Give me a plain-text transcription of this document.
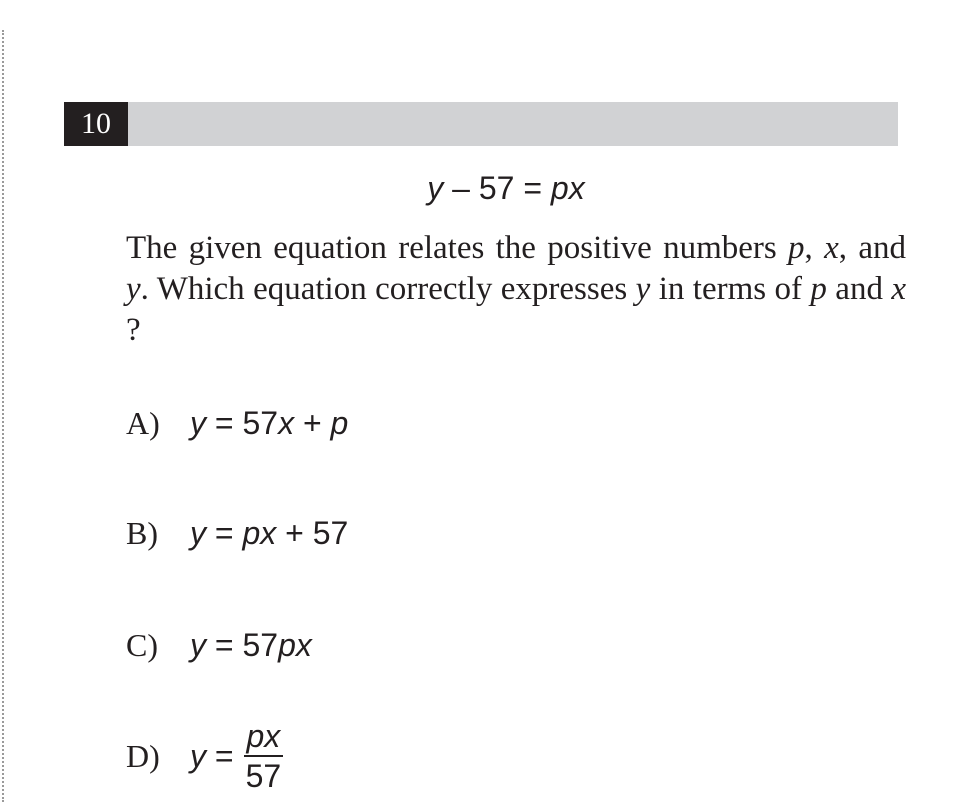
10
y – 57 = px
The given equation relates the positive numbers p, x, and y. Which equation correctly expresses y in terms of p and x ?
A) y = 57x + p
B)	y = px + 57
C)	y = 57px
D) $y = \frac{px}{57}$
